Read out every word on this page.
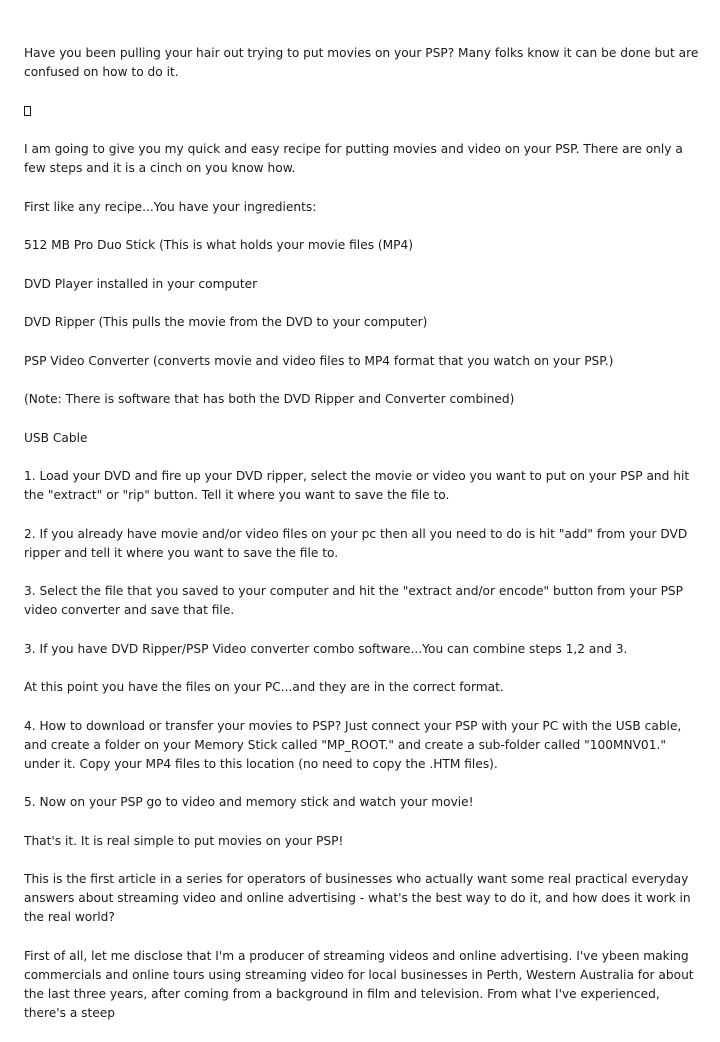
Have you been pulling your hair out trying to put movies on your PSP? Many folks know it can be done but are confused on how to do it.

I am going to give you my quick and easy recipe for putting movies and video on your PSP. There are only a few steps and it is a cinch on you know how.

First like any recipe...You have your ingredients:

512 MB Pro Duo Stick (This is what holds your movie files (MP4)

DVD Player installed in your computer

DVD Ripper (This pulls the movie from the DVD to your computer)

PSP Video Converter (converts movie and video files to MP4 format that you watch on your PSP.)

(Note: There is software that has both the DVD Ripper and Converter combined)

USB Cable

1. Load your DVD and fire up your DVD ripper, select the movie or video you want to put on your PSP and hit the "extract" or "rip" button. Tell it where you want to save the file to.

2. If you already have movie and/or video files on your pc then all you need to do is hit "add" from your DVD ripper and tell it where you want to save the file to.

3. Select the file that you saved to your computer and hit the "extract and/or encode" button from your PSP video converter and save that file.

3. If you have DVD Ripper/PSP Video converter combo software...You can combine steps 1,2 and 3.

At this point you have the files on your PC...and they are in the correct format.

4. How to download or transfer your movies to PSP? Just connect your PSP with your PC with the USB cable, and create a folder on your Memory Stick called "MP_ROOT." and create a sub-folder called "100MNV01." under it. Copy your MP4 files to this location (no need to copy the .HTM files).

5. Now on your PSP go to video and memory stick and watch your movie!

That's it. It is real simple to put movies on your PSP!

This is the first article in a series for operators of businesses who actually want some real practical everyday answers about streaming video and online advertising - what's the best way to do it, and how does it work in the real world?

First of all, let me disclose that I'm a producer of streaming videos and online advertising. I've ybeen making commercials and online tours using streaming video for local businesses in Perth, Western Australia for about the last three years, after coming from a background in film and television. From what I've experienced, there's a steep
